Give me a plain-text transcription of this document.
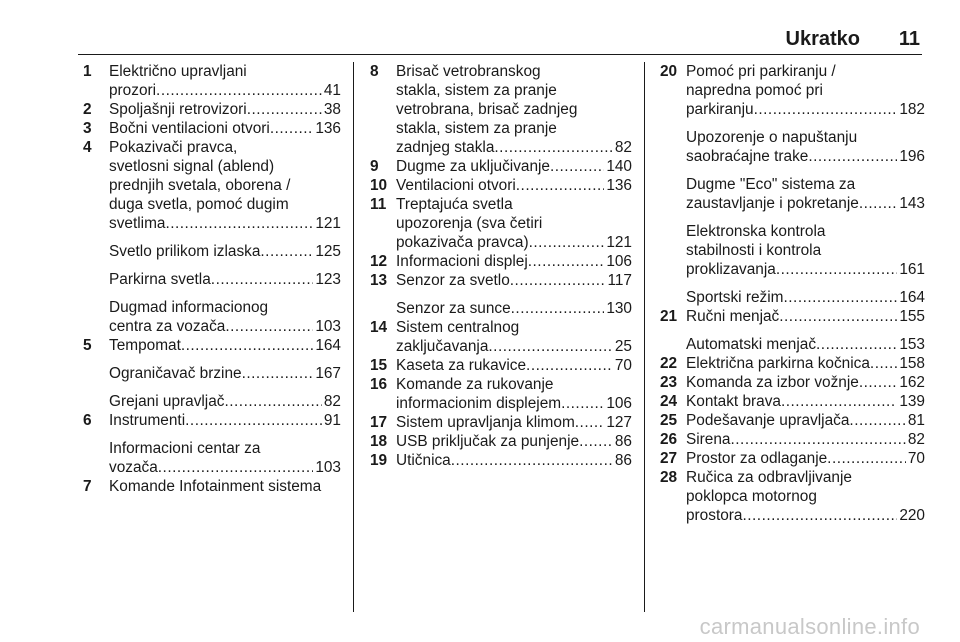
Ukratko 11
1 Električno upravljani
prozori .....	41
2 Spoljašnji retrovizori .....	38
3 Bočni ventilacioni otvori .....	136
4 Pokazivači pravca,
svetlosni signal (ablend)
prednjih svetala, oborena /
duga svetla, pomoć dugim
svetlima .....	121
Svetlo prilikom izlaska .....	125
Parkirna svetla .....	123
Dugmad informacionog
centra za vozača .....	103
5 Tempomat .....	164
Ograničavač brzine .....	167
Grejani upravljač .....	82
6 Instrumenti .....	91
Informacioni centar za
vozača .....	103
7 Komande Infotainment sistema
8 Brisač vetrobranskog
stakla, sistem za pranje
vetrobrana, brisač zadnjeg
stakla, sistem za pranje
zadnjeg stakla .....	82
9 Dugme za uključivanje .....	140
10 Ventilacioni otvori .....	136
11 Treptajuća svetla
upozorenja (sva četiri
pokazivača pravca) .....	121
12 Informacioni displej .....	106
13 Senzor za svetlo .....	117
Senzor za sunce .....	130
14 Sistem centralnog
zaključavanja .....	25
15 Kaseta za rukavice .....	70
16 Komande za rukovanje
informacionim displejem .....	106
17 Sistem upravljanja klimom ..... 127
18 USB priključak za punjenje ..... 86
19 Utičnica .....	86
20 Pomoć pri parkiranju /
napredna pomoć pri
parkiranju .....	182
Upozorenje o napuštanju
saobraćajne trake .....	196
Dugme "Eco" sistema za
zaustavljanje i pokretanje .....	143
Elektronska kontrola
stabilnosti i kontrola
proklizavanja .....	161
Sportski režim .....	164
21 Ručni menjač .....	155
Automatski menjač .....	153
22 Električna parkirna kočnica ..... 158
23 Komanda za izbor vožnje .....	162
24 Kontakt brava .....	139
25 Podešavanje upravljača .....	81
26 Sirena .....	82
27 Prostor za odlaganje .....	70
28 Ručica za odbravljivanje
poklopca motornog
prostora .....	220
carmanualsonline.info
